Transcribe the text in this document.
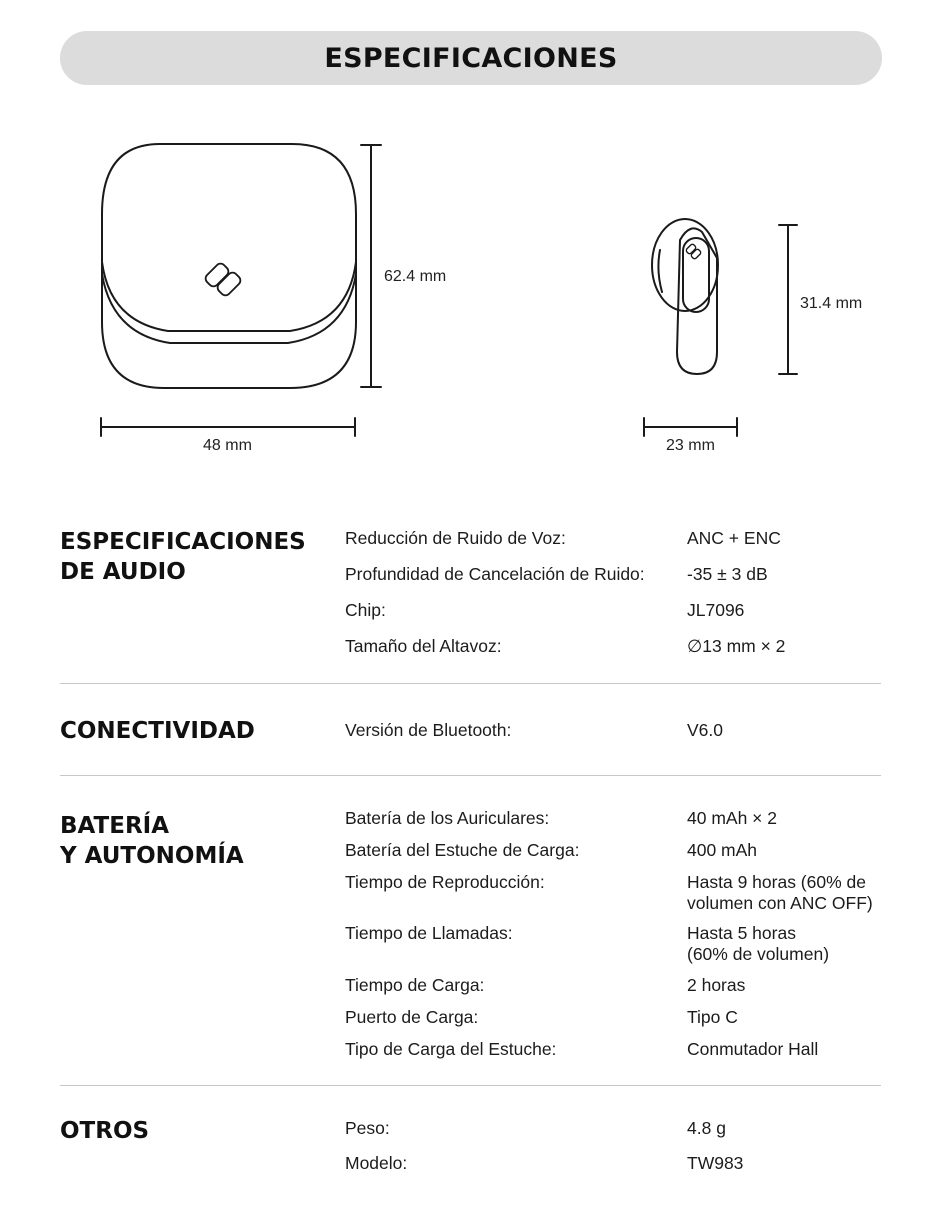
ESPECIFICACIONES
62.4 mm
48 mm
31.4 mm
23 mm
ESPECIFICACIONES
DE AUDIO
Reducción de Ruido de Voz:	ANC + ENC
Profundidad de Cancelación de Ruido:	-35 ± 3 dB
Chip:	JL7096
Tamaño del Altavoz:	∅13 mm × 2
CONECTIVIDAD	Versión de Bluetooth:	V6.0
BATERÍA
Y AUTONOMÍA
Batería de los Auriculares:	40 mAh × 2
Batería del Estuche de Carga:	400 mAh
Tiempo de Reproducción:	Hasta 9 horas (60% de
volumen con ANC OFF)
Tiempo de Llamadas:	Hasta 5 horas
(60% de volumen)
Tiempo de Carga:	2 horas
Puerto de Carga:	Tipo C
Tipo de Carga del Estuche:	Conmutador Hall
OTROS	Peso:	4.8 g
Modelo:	TW983
